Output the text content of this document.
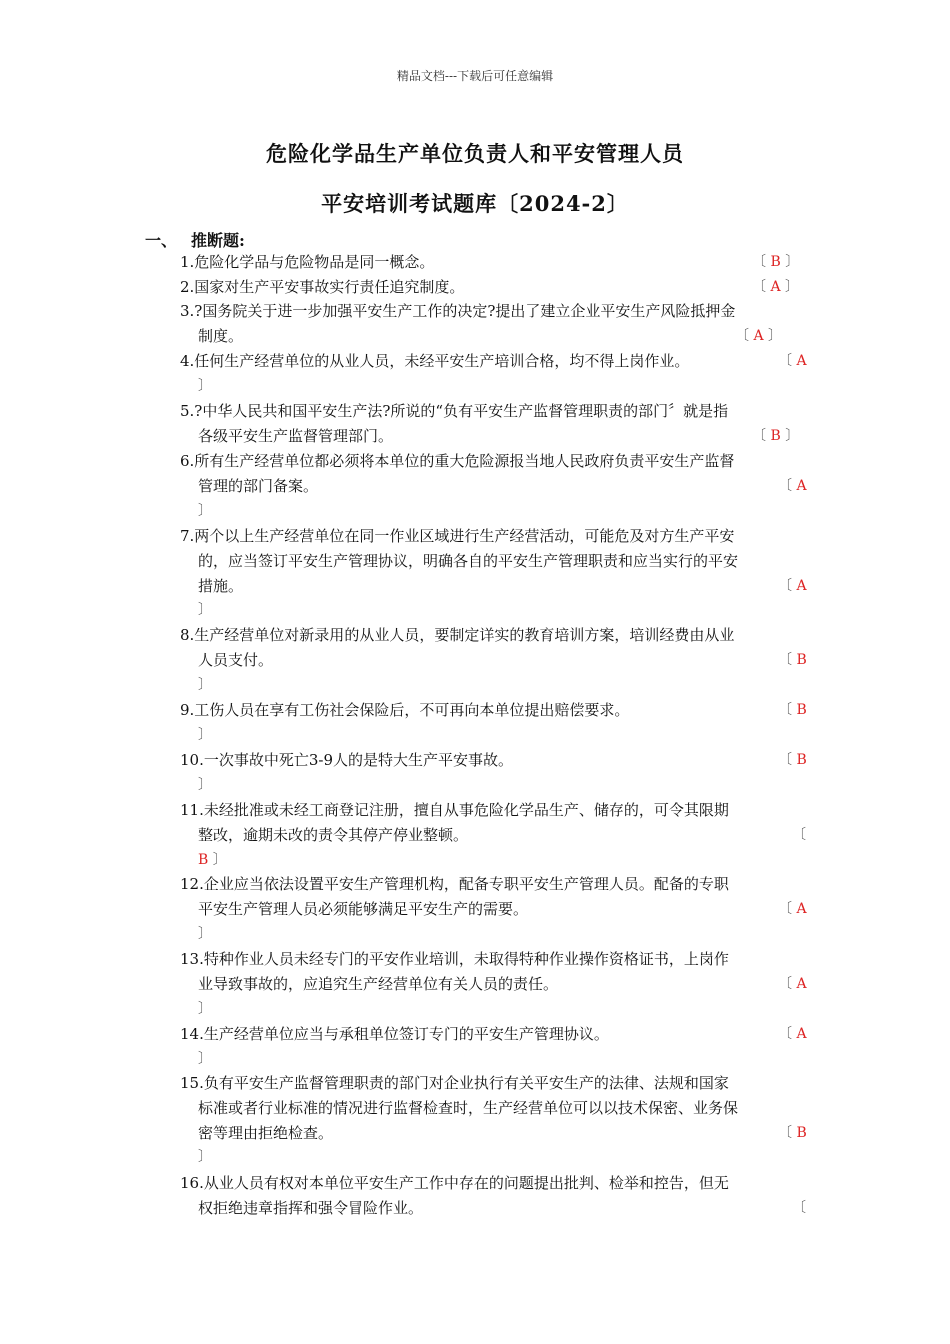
精品文档---下载后可任意编辑
危险化学品生产单位负责人和平安管理人员
平安培训考试题库〔2024-2〕
一、 推断题:
1.危险化学品与危险物品是同一概念。	〔 B 〕
2.国家对生产平安事故实行责任追究制度。	〔 A 〕
3.?国务院关于进一步加强平安生产工作的决定?提出了建立企业平安生产风险抵押金
制度。	〔 A 〕
4.任何生产经营单位的从业人员，未经平安生产培训合格，均不得上岗作业。	〔 A
〕
5.?中华人民共和国平安生产法?所说的“负有平安生产监督管理职责的部门〞就是指
各级平安生产监督管理部门。	〔 B 〕
6.所有生产经营单位都必须将本单位的重大危险源报当地人民政府负责平安生产监督
管理的部门备案。	〔 A
〕
7.两个以上生产经营单位在同一作业区域进行生产经营活动，可能危及对方生产平安
的，应当签订平安生产管理协议，明确各自的平安生产管理职责和应当实行的平安
措施。	〔 A
〕
8.生产经营单位对新录用的从业人员，要制定详实的教育培训方案，培训经费由从业
人员支付。	〔 B
〕
9.工伤人员在享有工伤社会保险后，不可再向本单位提出赔偿要求。	〔 B
〕
10.一次事故中死亡3-9人的是特大生产平安事故。	〔 B
〕
11.未经批准或未经工商登记注册，擅自从事危险化学品生产、储存的，可令其限期
整改，逾期未改的责令其停产停业整顿。	〔
B 〕
12.企业应当依法设置平安生产管理机构，配备专职平安生产管理人员。配备的专职
平安生产管理人员必须能够满足平安生产的需要。	〔 A
〕
13.特种作业人员未经专门的平安作业培训，未取得特种作业操作资格证书，上岗作
业导致事故的，应追究生产经营单位有关人员的责任。	〔 A
〕
14.生产经营单位应当与承租单位签订专门的平安生产管理协议。	〔 A
〕
15.负有平安生产监督管理职责的部门对企业执行有关平安生产的法律、法规和国家
标准或者行业标准的情况进行监督检查时，生产经营单位可以以技术保密、业务保
密等理由拒绝检查。	〔 B
〕
16.从业人员有权对本单位平安生产工作中存在的问题提出批判、检举和控告，但无
权拒绝违章指挥和强令冒险作业。	〔
